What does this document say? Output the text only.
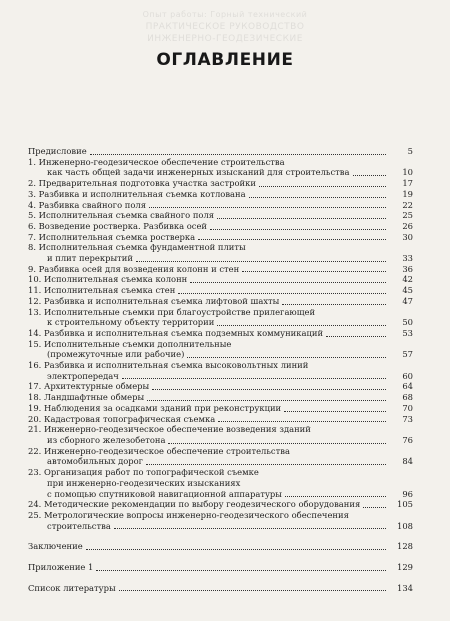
Опыт работы: Горный технический
ПРАКТИЧЕСКОЕ РУКОВОДСТВО
ИНЖЕНЕРНО-ГЕОДЕЗИЧЕСКИЕ
ОГЛАВЛЕНИЕ
Предисловие	5
1. Инженерно-геодезическое обеспечение строительства
как часть общей задачи инженерных изысканий для строительства	10
2. Предварительная подготовка участка застройки	17
3. Разбивка и исполнительная съемка котлована	19
4. Разбивка свайного поля	22
5. Исполнительная съемка свайного поля	25
6. Возведение ростверка. Разбивка осей	26
7. Исполнительная съемка ростверка	30
8. Исполнительная съемка фундаментной плиты
и плит перекрытий	33
9. Разбивка осей для возведения колонн и стен	36
10. Исполнительная съемка колонн	42
11. Исполнительная съемка стен	45
12. Разбивка и исполнительная съемка лифтовой шахты	47
13. Исполнительные съемки при благоустройстве прилегающей
к строительному объекту территории	50
14. Разбивка и исполнительная съемка подземных коммуникаций	53
15. Исполнительные съемки дополнительные
(промежуточные или рабочие)	57
16. Разбивка и исполнительная съемка высоковольтных линий
электропередач	60
17. Архитектурные обмеры	64
18. Ландшафтные обмеры	68
19. Наблюдения за осадками зданий при реконструкции	70
20. Кадастровая топографическая съемка	73
21. Инженерно-геодезическое обеспечение возведения зданий
из сборного железобетона	76
22. Инженерно-геодезическое обеспечение строительства
автомобильных дорог	84
23. Организация работ по топографической съемке
при инженерно-геодезических изысканиях
с помощью спутниковой навигационной аппаратуры	96
24. Методические рекомендации по выбору геодезического оборудования	105
25. Метрологические вопросы инженерно-геодезического обеспечения
строительства	108
Заключение	128
Приложение 1	129
Список литературы	134
